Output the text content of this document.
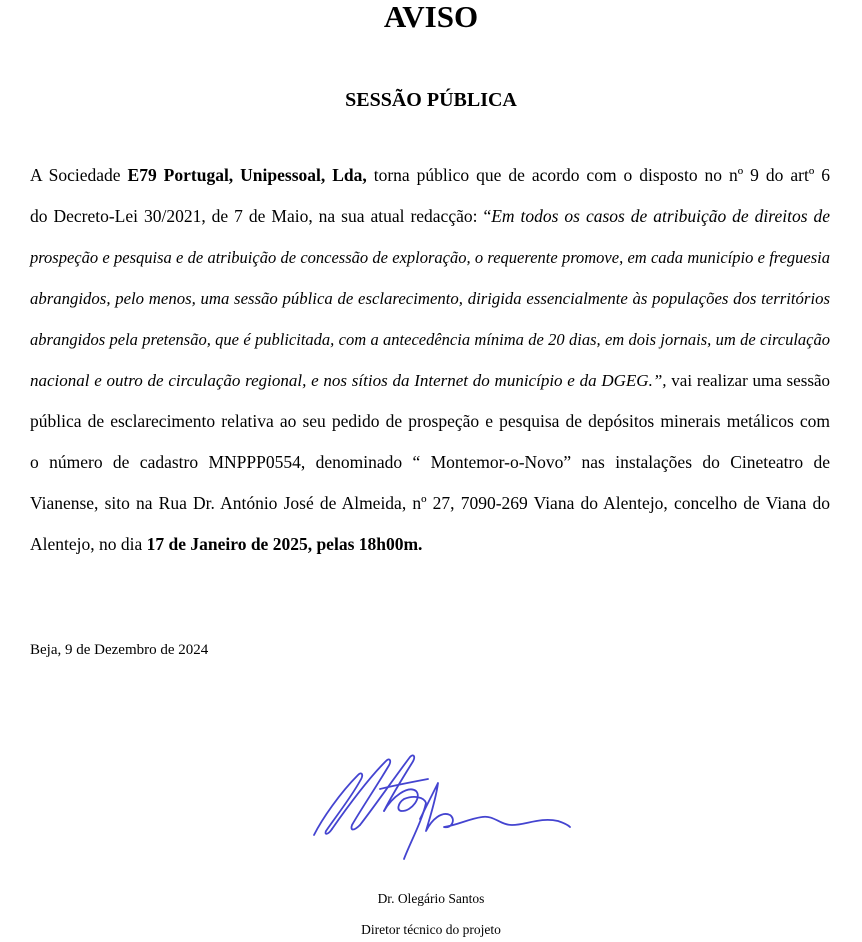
AVISO
SESSÃO PÚBLICA
A Sociedade E79 Portugal, Unipessoal, Lda, torna público que de acordo com o disposto no nº 9 do artº 6
do Decreto-Lei 30/2021, de 7 de Maio, na sua atual redacção: “Em todos os casos de atribuição de direitos de
prospeção e pesquisa e de atribuição de concessão de exploração, o requerente promove, em cada município e freguesia
abrangidos, pelo menos, uma sessão pública de esclarecimento, dirigida essencialmente às populações dos territórios
abrangidos pela pretensão, que é publicitada, com a antecedência mínima de 20 dias, em dois jornais, um de circulação
nacional e outro de circulação regional, e nos sítios da Internet do município e da DGEG.”, vai realizar uma sessão
pública de esclarecimento relativa ao seu pedido de prospeção e pesquisa de depósitos minerais metálicos com
o número de cadastro MNPPP0554, denominado “ Montemor-o-Novo” nas instalações do Cineteatro de
Vianense, sito na Rua Dr. António José de Almeida, nº 27, 7090-269 Viana do Alentejo, concelho de Viana do
Alentejo, no dia 17 de Janeiro de 2025, pelas 18h00m.
Beja, 9 de Dezembro de 2024
Dr. Olegário Santos
Diretor técnico do projeto
